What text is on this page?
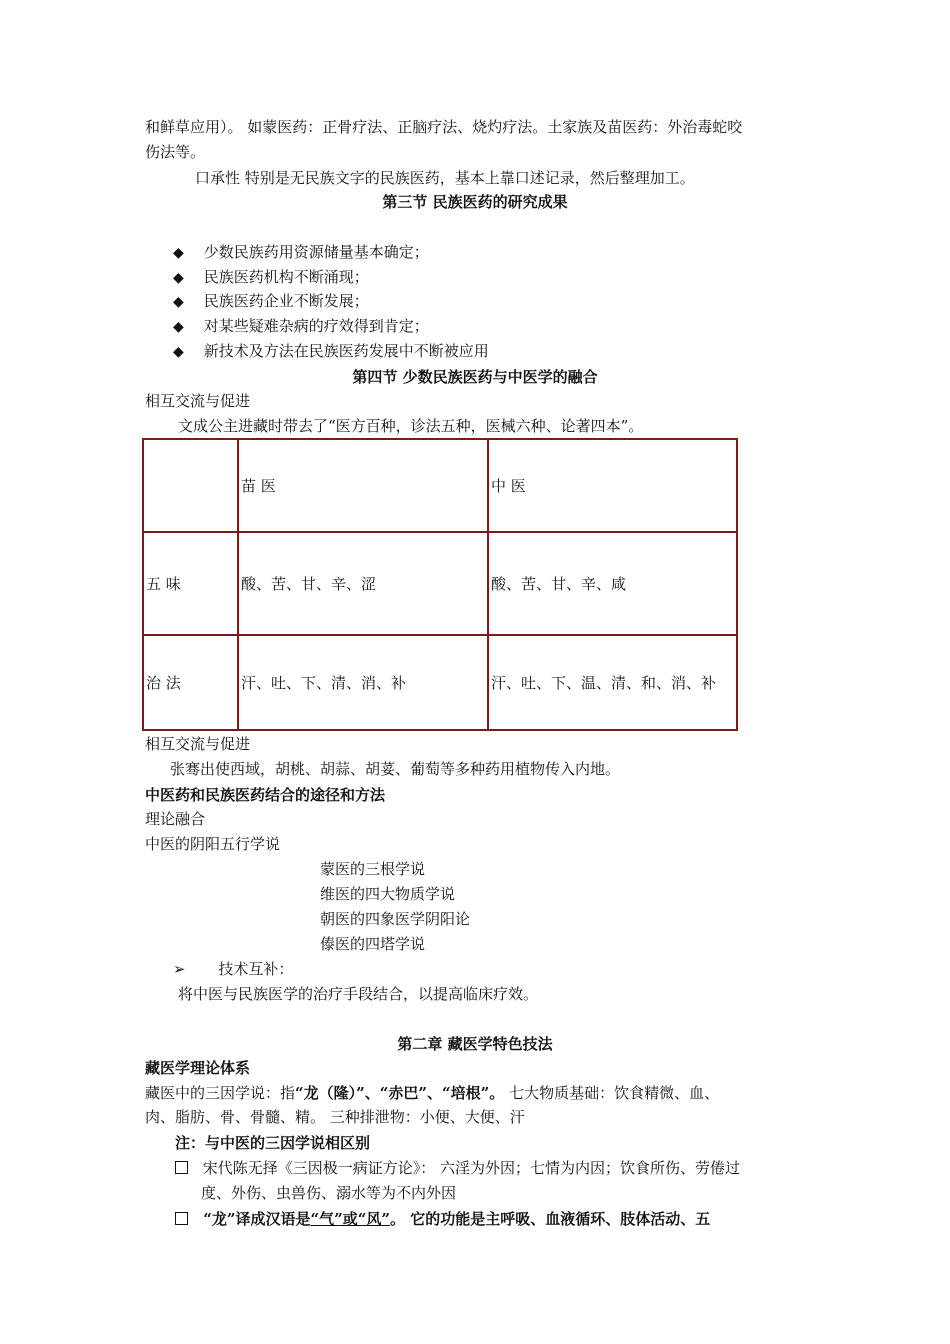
和鲜草应用）。 如蒙医药：正骨疗法、正脑疗法、烧灼疗法。土家族及苗医药：外治毒蛇咬
伤法等。
口承性 特别是无民族文字的民族医药，基本上靠口述记录，然后整理加工。
第三节 民族医药的研究成果
◆ 少数民族药用资源储量基本确定；
◆ 民族医药机构不断涌现；
◆ 民族医药企业不断发展；
◆ 对某些疑难杂病的疗效得到肯定；
◆ 新技术及方法在民族医药发展中不断被应用
第四节 少数民族医药与中医学的融合
相互交流与促进
文成公主进藏时带去了“医方百种，诊法五种，医械六种、论著四本”。
	苗 医	中 医
五 味	酸、苦、甘、辛、涩	酸、苦、甘、辛、咸
治 法	汗、吐、下、清、消、补	汗、吐、下、温、清、和、消、补
相互交流与促进
张骞出使西域，胡桃、胡蒜、胡荽、葡萄等多种药用植物传入内地。
中医药和民族医药结合的途径和方法
理论融合
中医的阴阳五行学说
蒙医的三根学说
维医的四大物质学说
朝医的四象医学阴阳论
傣医的四塔学说
➢ 技术互补：
将中医与民族医学的治疗手段结合，以提高临床疗效。
第二章 藏医学特色技法
藏医学理论体系
藏医中的三因学说：指“龙（隆）”、“赤巴”、“培根”。 七大物质基础：饮食精微、血、
肉、脂肪、骨、骨髓、精。 三种排泄物：小便、大便、汗
注：与中医的三因学说相区别
宋代陈无择《三因极一病证方论》： 六淫为外因；七情为内因；饮食所伤、劳倦过
度、外伤、虫兽伤、溺水等为不内外因
“龙”译成汉语是“气”或“风”。 它的功能是主呼吸、血液循环、肢体活动、五
